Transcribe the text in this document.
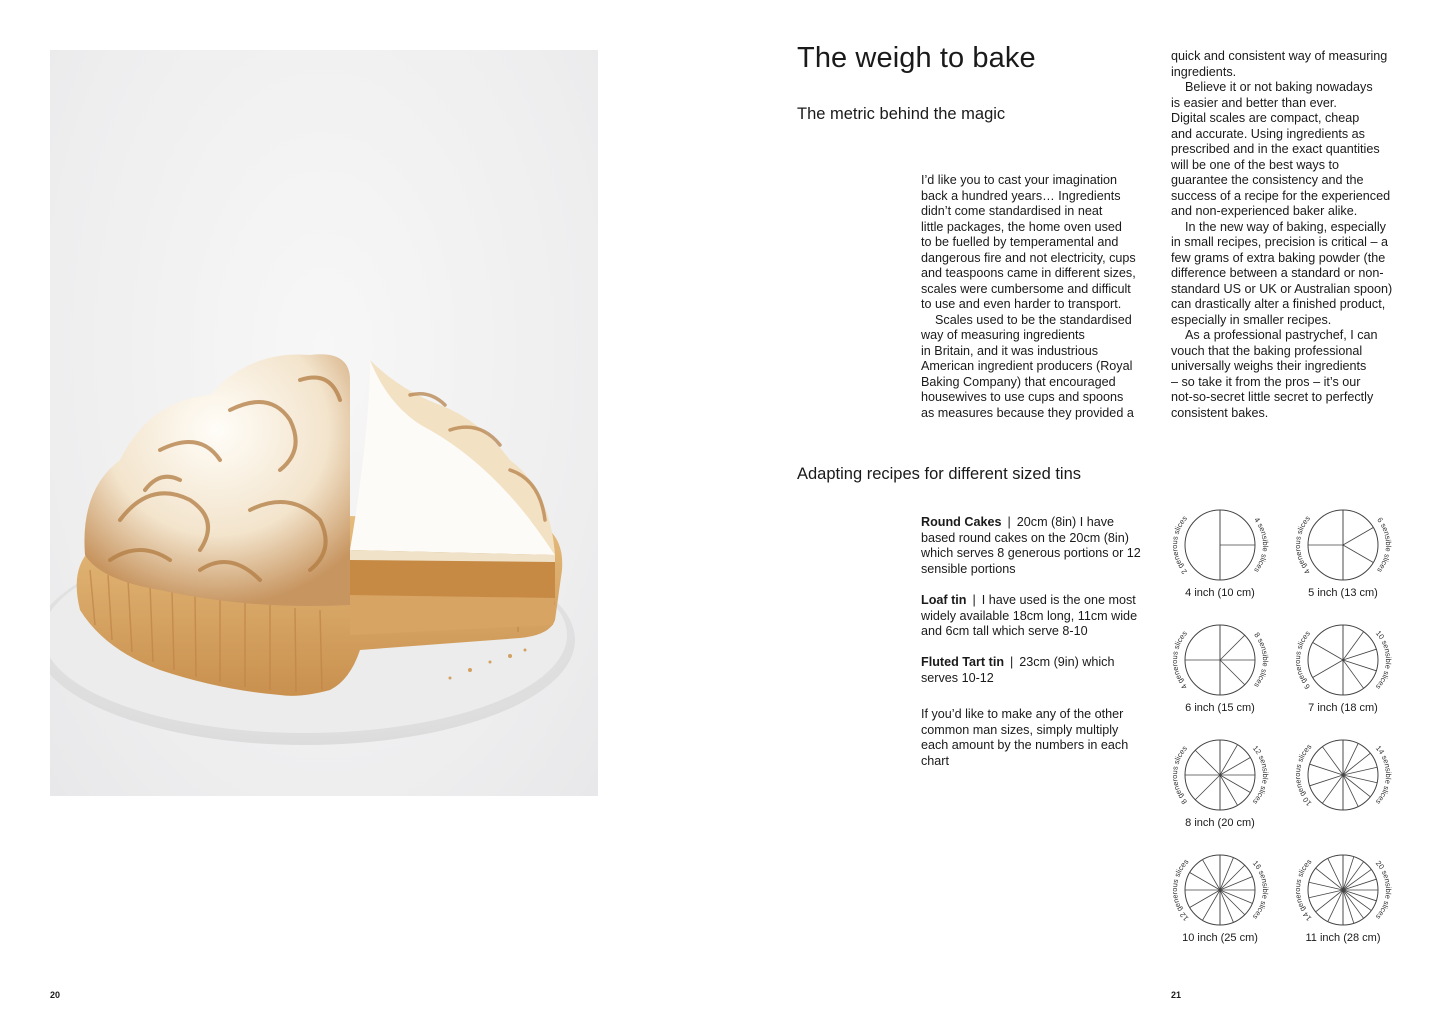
The weigh to bake
The metric behind the magic

I’d like you to cast your imagination

back a hundred years… Ingredients

didn’t come standardised in neat

little packages, the home oven used

to be fuelled by temperamental and

dangerous fire and not electricity, cups

and teaspoons came in different sizes,

scales were cumbersome and difficult

to use and even harder to transport.

Scales used to be the standardised

way of measuring ingredients

in Britain, and it was industrious

American ingredient producers (Royal

Baking Company) that encouraged

housewives to use cups and spoons

as measures because they provided a

quick and consistent way of measuring

ingredients.

Believe it or not baking nowadays

is easier and better than ever.

Digital scales are compact, cheap

and accurate. Using ingredients as

prescribed and in the exact quantities

will be one of the best ways to

guarantee the consistency and the

success of a recipe for the experienced

and non-experienced baker alike.

In the new way of baking, especially

in small recipes, precision is critical – a

few grams of extra baking powder (the

difference between a standard or non-

standard US or UK or Australian spoon)

can drastically alter a finished product,

especially in smaller recipes.

As a professional pastrychef, I can

vouch that the baking professional

universally weighs their ingredients

– so take it from the pros – it’s our

not-so-secret little secret to perfectly

consistent bakes.

Adapting recipes for different sized tins
Round Cakes | 20cm (8in) I have based round cakes on the 20cm (8in) which serves 8 generous portions or 12 sensible portions
Loaf tin | I have used is the one most widely available 18cm long, 11cm wide and 6cm tall which serve 8-10
Fluted Tart tin | 23cm (9in) which serves 10-12
If you’d like to make any of the other common man sizes, simply multiply each amount by the numbers in each chart
2 generous slices	4 sensible slices
4 inch (10 cm)
4 generous slices	6 sensible slices
5 inch (13 cm)
4 generous slices	8 sensible slices
6 inch (15 cm)
6 generous slices	10 sensible slices
7 inch (18 cm)
8 generous slices	12 sensible slices
8 inch (20 cm)
10 generous slices	14 sensible slices
12 generous slices	16 sensible slices
10 inch (25 cm)
14 generous slices	20 sensible slices
11 inch (28 cm)
20	21
